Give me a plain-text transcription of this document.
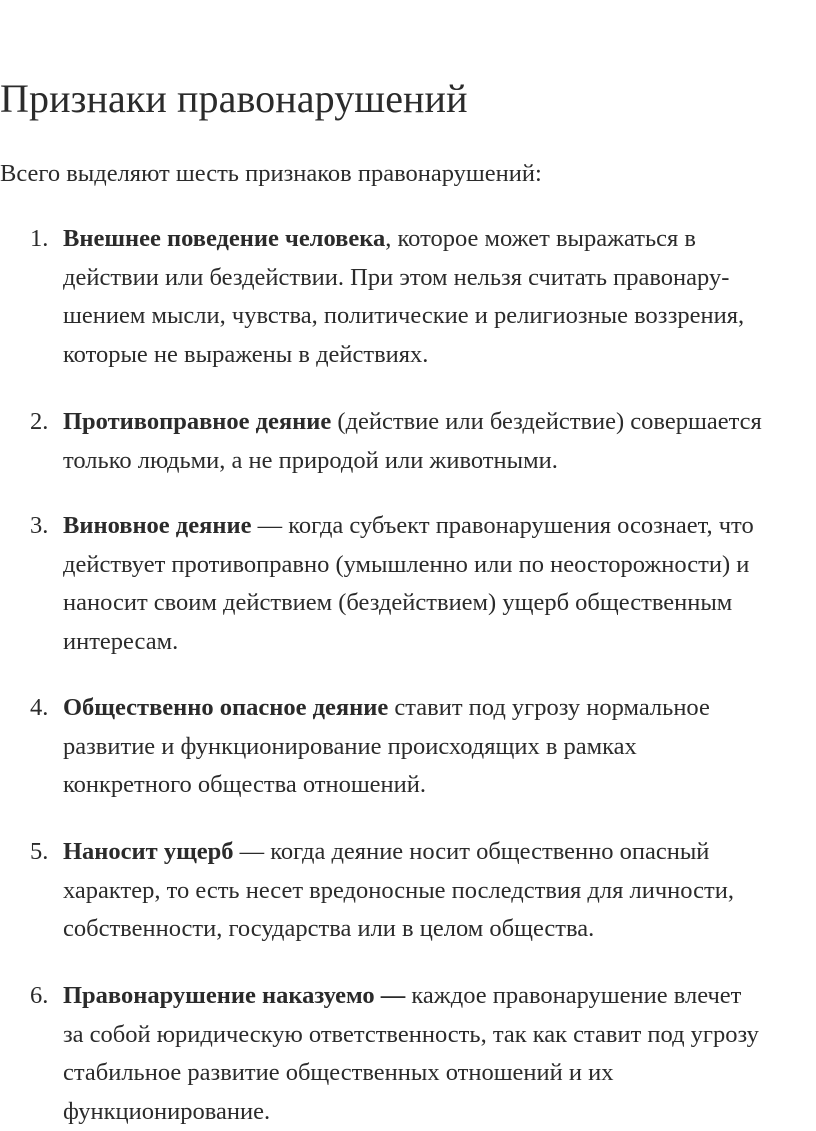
Признаки правонарушений

Всего выделяют шесть признаков правонарушений:

1. Внешнее поведение человека, которое может выражаться в
действии или бездействии. При этом нельзя считать правонару-
шением мысли, чувства, политические и религиозные воззрения,
которые не выражены в действиях.
2. Противоправное деяние (действие или бездействие) совершается
только людьми, а не природой или животными.
3. Виновное деяние — когда субъект правонарушения осознает, что
действует противоправно (умышленно или по неосторожности) и
наносит своим действием (бездействием) ущерб общественным
интересам.
4. Общественно опасное деяние ставит под угрозу нормальное
развитие и функционирование происходящих в рамках
конкретного общества отношений.
5. Наносит ущерб — когда деяние носит общественно опасный
характер, то есть несет вредоносные последствия для личности,
собственности, государства или в целом общества.
6. Правонарушение наказуемо — каждое правонарушение влечет
за собой юридическую ответственность, так как ставит под угрозу
стабильное развитие общественных отношений и их
функционирование.
